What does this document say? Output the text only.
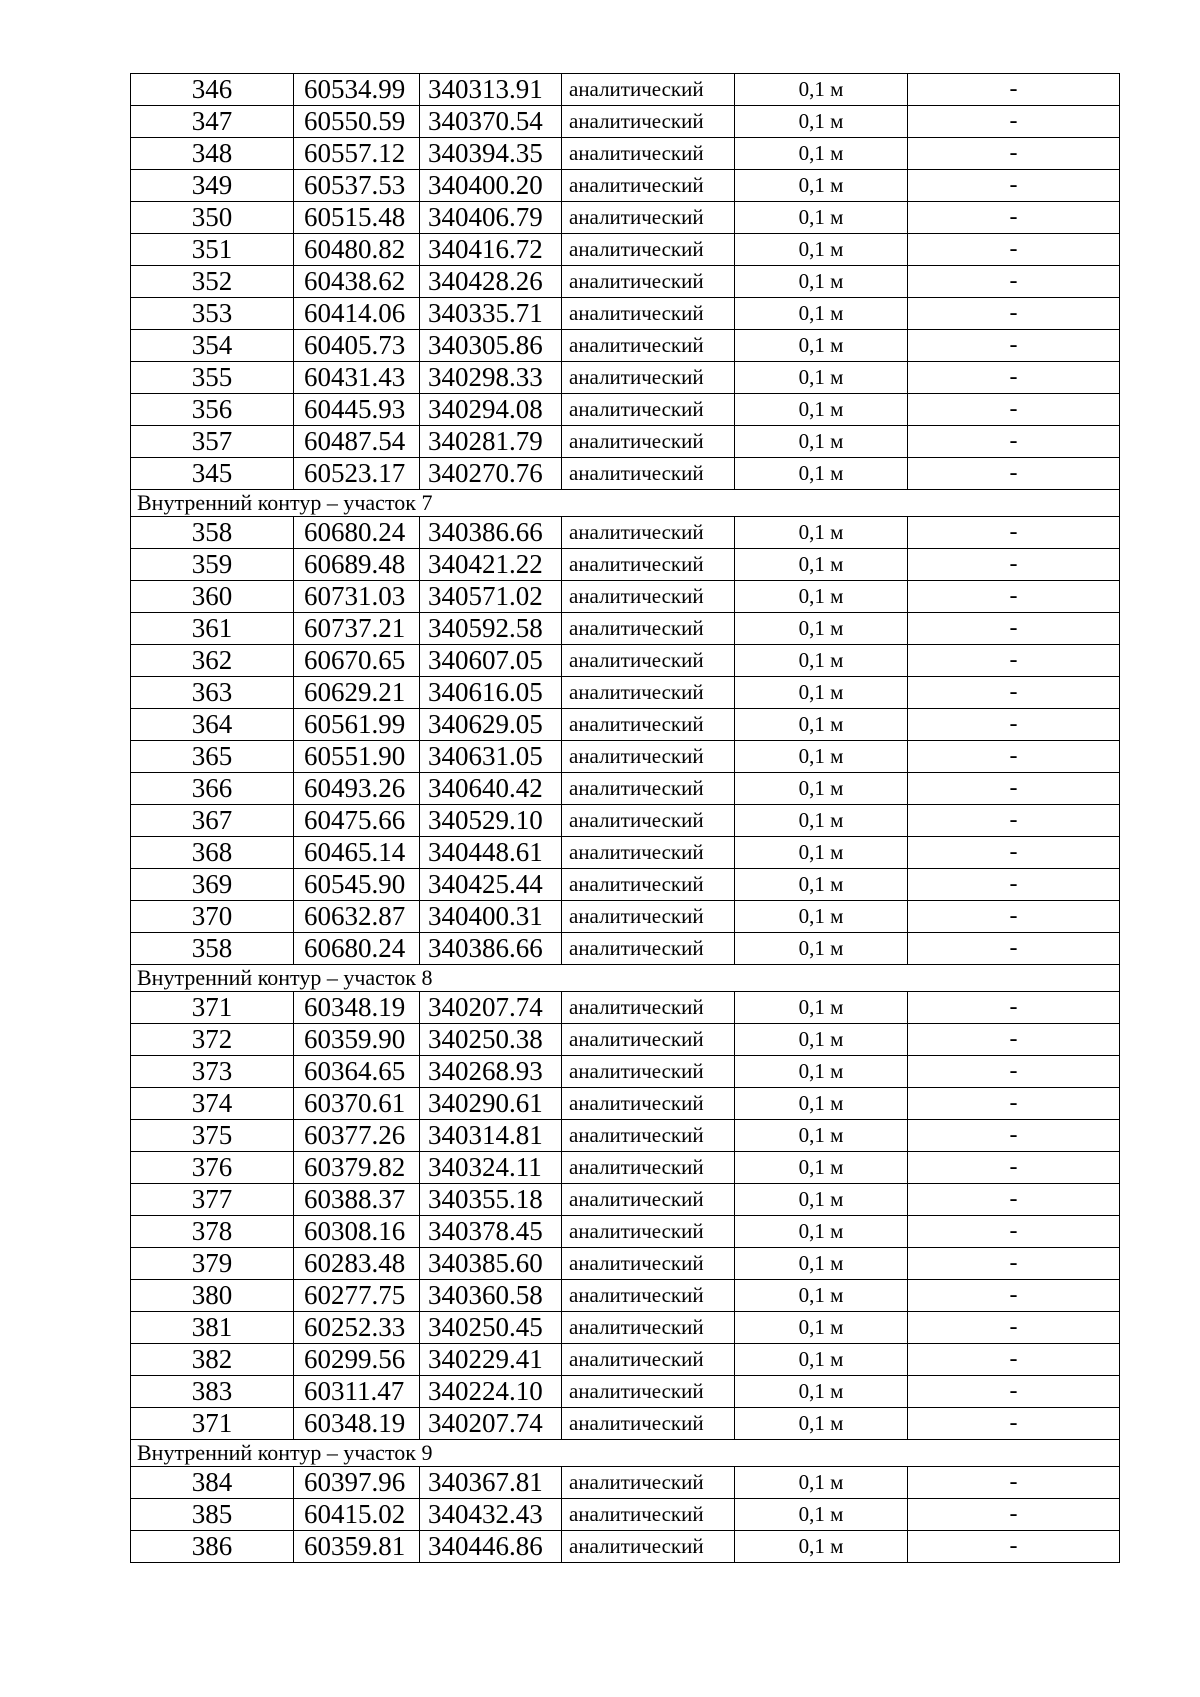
346	60534.99	340313.91	аналитический	0,1 м	-
347	60550.59	340370.54	аналитический	0,1 м	-
348	60557.12	340394.35	аналитический	0,1 м	-
349	60537.53	340400.20	аналитический	0,1 м	-
350	60515.48	340406.79	аналитический	0,1 м	-
351	60480.82	340416.72	аналитический	0,1 м	-
352	60438.62	340428.26	аналитический	0,1 м	-
353	60414.06	340335.71	аналитический	0,1 м	-
354	60405.73	340305.86	аналитический	0,1 м	-
355	60431.43	340298.33	аналитический	0,1 м	-
356	60445.93	340294.08	аналитический	0,1 м	-
357	60487.54	340281.79	аналитический	0,1 м	-
345	60523.17	340270.76	аналитический	0,1 м	-
Внутренний контур – участок 7					
358	60680.24	340386.66	аналитический	0,1 м	-
359	60689.48	340421.22	аналитический	0,1 м	-
360	60731.03	340571.02	аналитический	0,1 м	-
361	60737.21	340592.58	аналитический	0,1 м	-
362	60670.65	340607.05	аналитический	0,1 м	-
363	60629.21	340616.05	аналитический	0,1 м	-
364	60561.99	340629.05	аналитический	0,1 м	-
365	60551.90	340631.05	аналитический	0,1 м	-
366	60493.26	340640.42	аналитический	0,1 м	-
367	60475.66	340529.10	аналитический	0,1 м	-
368	60465.14	340448.61	аналитический	0,1 м	-
369	60545.90	340425.44	аналитический	0,1 м	-
370	60632.87	340400.31	аналитический	0,1 м	-
358	60680.24	340386.66	аналитический	0,1 м	-
Внутренний контур – участок 8					
371	60348.19	340207.74	аналитический	0,1 м	-
372	60359.90	340250.38	аналитический	0,1 м	-
373	60364.65	340268.93	аналитический	0,1 м	-
374	60370.61	340290.61	аналитический	0,1 м	-
375	60377.26	340314.81	аналитический	0,1 м	-
376	60379.82	340324.11	аналитический	0,1 м	-
377	60388.37	340355.18	аналитический	0,1 м	-
378	60308.16	340378.45	аналитический	0,1 м	-
379	60283.48	340385.60	аналитический	0,1 м	-
380	60277.75	340360.58	аналитический	0,1 м	-
381	60252.33	340250.45	аналитический	0,1 м	-
382	60299.56	340229.41	аналитический	0,1 м	-
383	60311.47	340224.10	аналитический	0,1 м	-
371	60348.19	340207.74	аналитический	0,1 м	-
Внутренний контур – участок 9					
384	60397.96	340367.81	аналитический	0,1 м	-
385	60415.02	340432.43	аналитический	0,1 м	-
386	60359.81	340446.86	аналитический	0,1 м	-
